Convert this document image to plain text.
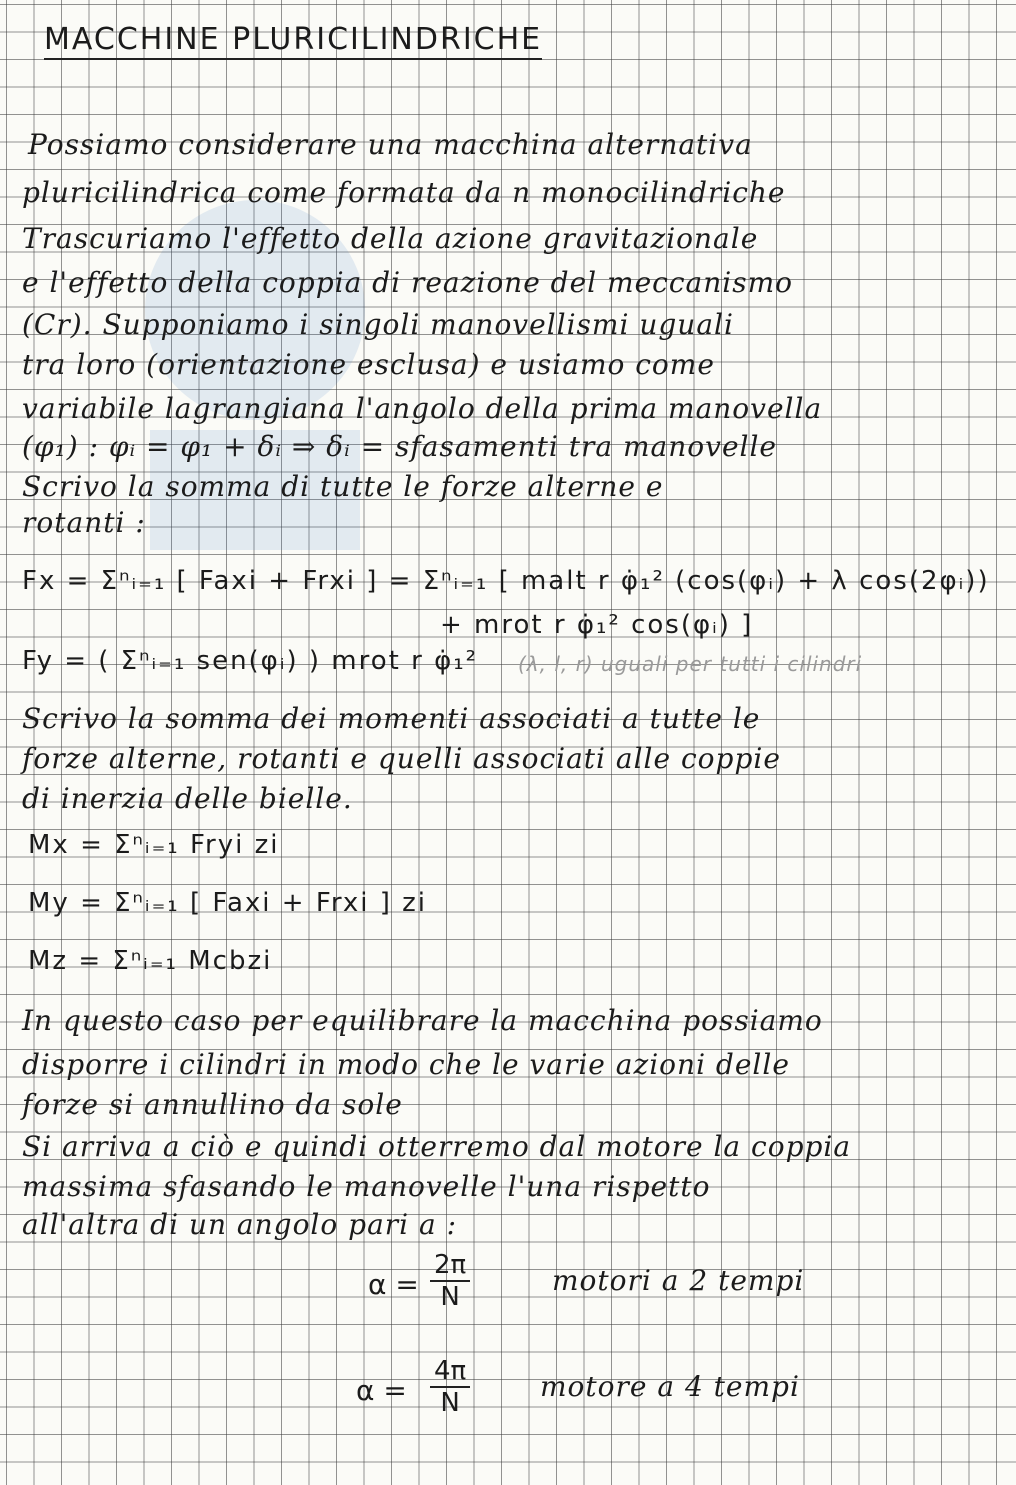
MACCHINE PLURICILINDRICHE
Possiamo considerare una macchina alternativa
pluricilindrica come formata da n monocilindriche
Trascuriamo l'effetto della azione gravitazionale
e l'effetto della coppia di reazione del meccanismo
(Cr). Supponiamo i singoli manovellismi uguali
tra loro (orientazione esclusa) e usiamo come
variabile lagrangiana l'angolo della prima manovella
(φ₁) : φᵢ = φ₁ + δᵢ ⇒ δᵢ = sfasamenti tra manovelle
Scrivo la somma di tutte le forze alterne e
rotanti :
Fx = Σⁿᵢ₌₁ [ Faxi + Frxi ] = Σⁿᵢ₌₁ [ malt r φ̇₁² (cos(φᵢ) + λ cos(2φᵢ))
+ mrot r φ̇₁² cos(φᵢ) ]
Fy = ( Σⁿᵢ₌₁ sen(φᵢ) ) mrot r φ̇₁² (λ, l, r) uguali per tutti i cilindri
Scrivo la somma dei momenti associati a tutte le
forze alterne, rotanti e quelli associati alle coppie
di inerzia delle bielle.
Mx = Σⁿᵢ₌₁ Fryi zi
My = Σⁿᵢ₌₁ [ Faxi + Frxi ] zi
Mz = Σⁿᵢ₌₁ Mcbzi
In questo caso per equilibrare la macchina possiamo
disporre i cilindri in modo che le varie azioni delle
forze si annullino da sole
Si arriva a ciò e quindi otterremo dal motore la coppia
massima sfasando le manovelle l'una rispetto
all'altra di un angolo pari a :
$\alpha = \frac{2\pi}{N}$	motori a 2 tempi
$\alpha = \frac{4\pi}{N}$ motore a 4 tempi
